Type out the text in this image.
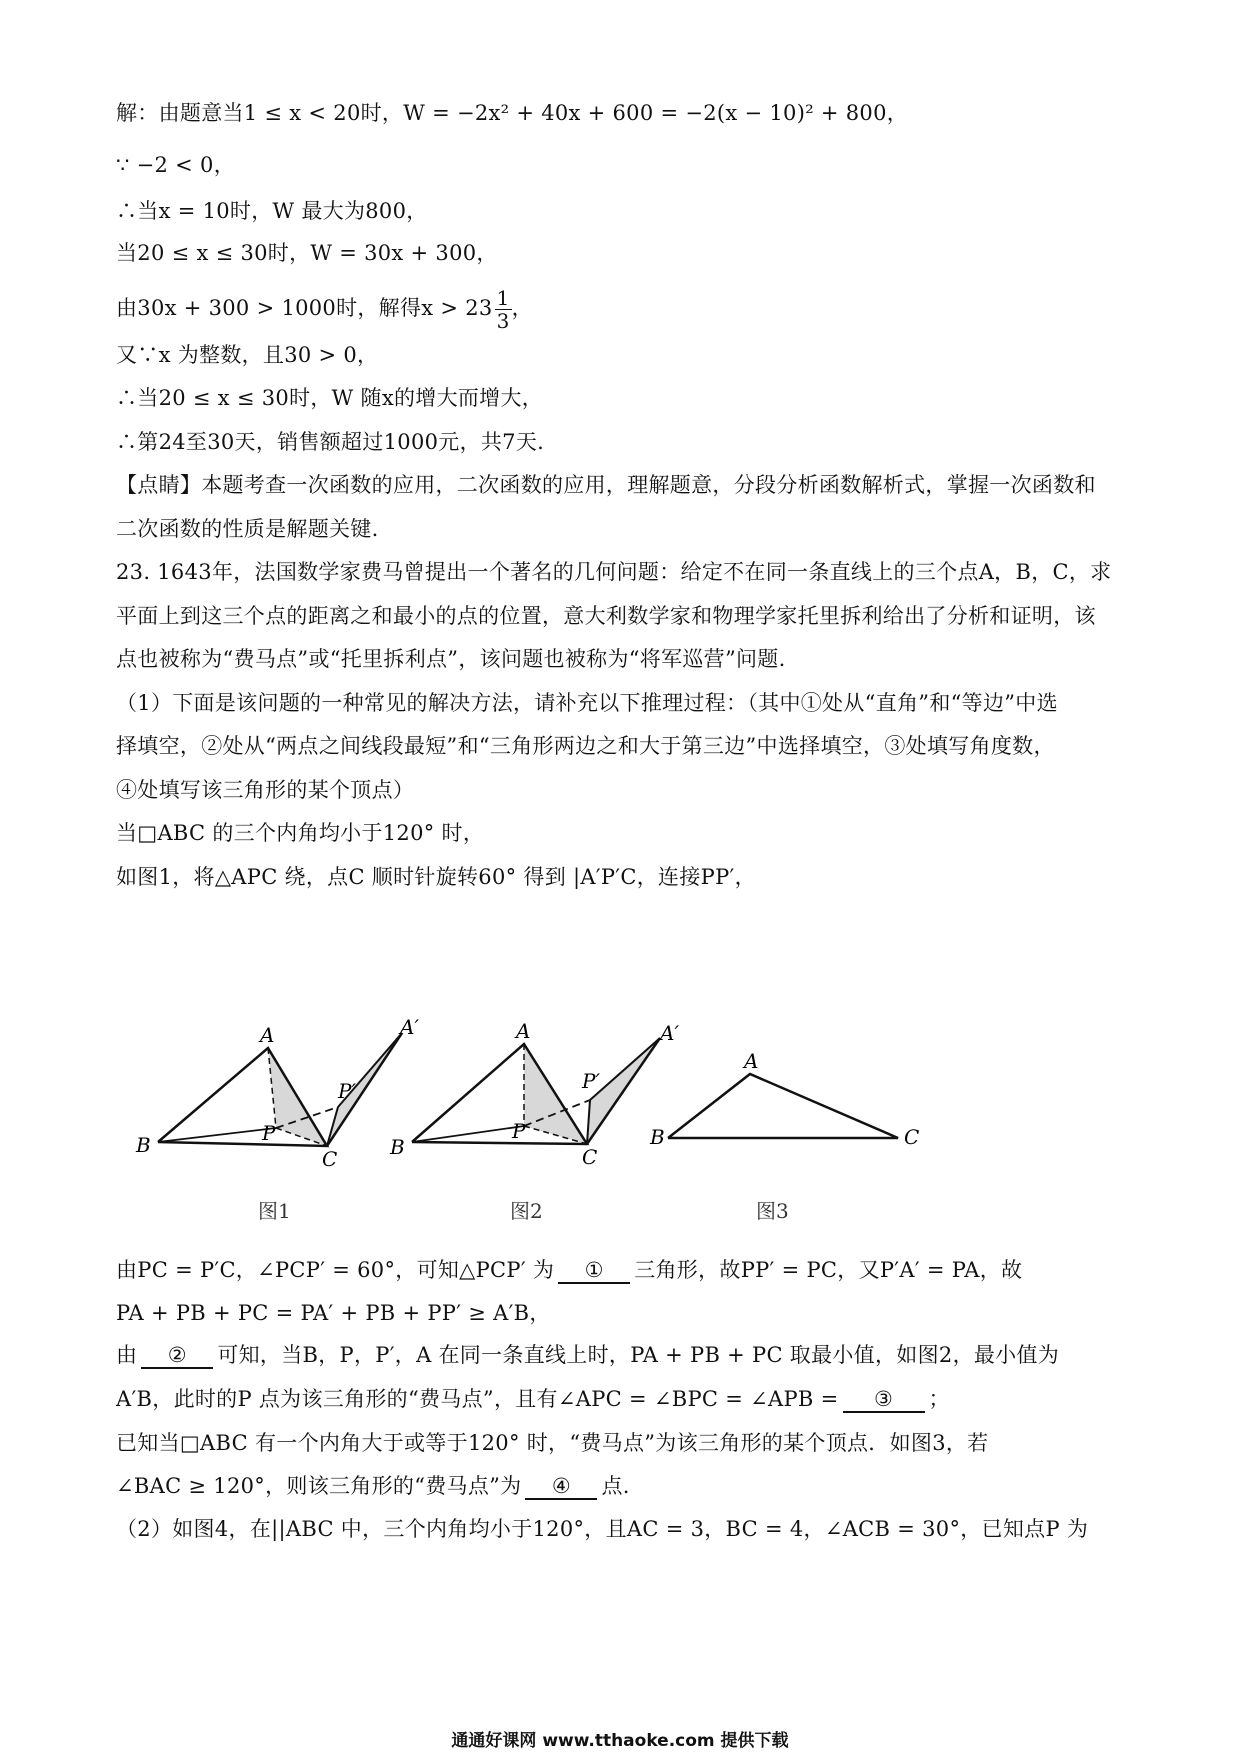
解：由题意当1 ≤ x < 20时，W = −2x² + 40x + 600 = −2(x − 10)² + 800，
∵ −2 < 0，
∴当x = 10时，W 最大为800，
当20 ≤ x ≤ 30时，W = 30x + 300，
由30x + 300 > 1000时，解得$x > 23 \frac{1}{3}$ ，
又∵x 为整数，且30 > 0，
∴当20 ≤ x ≤ 30时，W 随x的增大而增大，
∴第24至30天，销售额超过1000元，共7天.
【点睛】本题考查一次函数的应用，二次函数的应用，理解题意，分段分析函数解析式，掌握一次函数和
二次函数的性质是解题关键.
23. 1643年，法国数学家费马曾提出一个著名的几何问题：给定不在同一条直线上的三个点A，B，C，求
平面上到这三个点的距离之和最小的点的位置，意大利数学家和物理学家托里拆利给出了分析和证明，该
点也被称为“费马点”或“托里拆利点”，该问题也被称为“将军巡营”问题.
（1）下面是该问题的一种常见的解决方法，请补充以下推理过程：（其中①处从“直角”和“等边”中选
择填空，②处从“两点之间线段最短”和“三角形两边之和大于第三边”中选择填空，③处填写角度数，
④处填写该三角形的某个顶点）
当□ABC 的三个内角均小于120° 时，
如图1，将△APC 绕，点C 顺时针旋转60° 得到 |A′P′C，连接PP′，
A
B
C
P
P′
A′
图1
A
B	C
P
P′
A′
图2
A
B	C
图3
由PC = P′C，∠PCP′ = 60°，可知△PCP′ 为 ① 三角形，故PP′ = PC，又P′A′ = PA，故
PA + PB + PC = PA′ + PB + PP′ ≥ A′B，
由 ② 可知，当B，P，P′，A 在同一条直线上时，PA + PB + PC 取最小值，如图2，最小值为
A′B，此时的P 点为该三角形的“费马点”，且有∠APC = ∠BPC = ∠APB = ③ ；
已知当□ABC 有一个内角大于或等于120° 时，“费马点”为该三角形的某个顶点．如图3，若
∠BAC ≥ 120°，则该三角形的“费马点”为 ④ 点.
（2）如图4，在||ABC 中，三个内角均小于120°，且AC = 3，BC = 4，∠ACB = 30°，已知点P 为
通通好课网 www.tthaoke.com 提供下载
